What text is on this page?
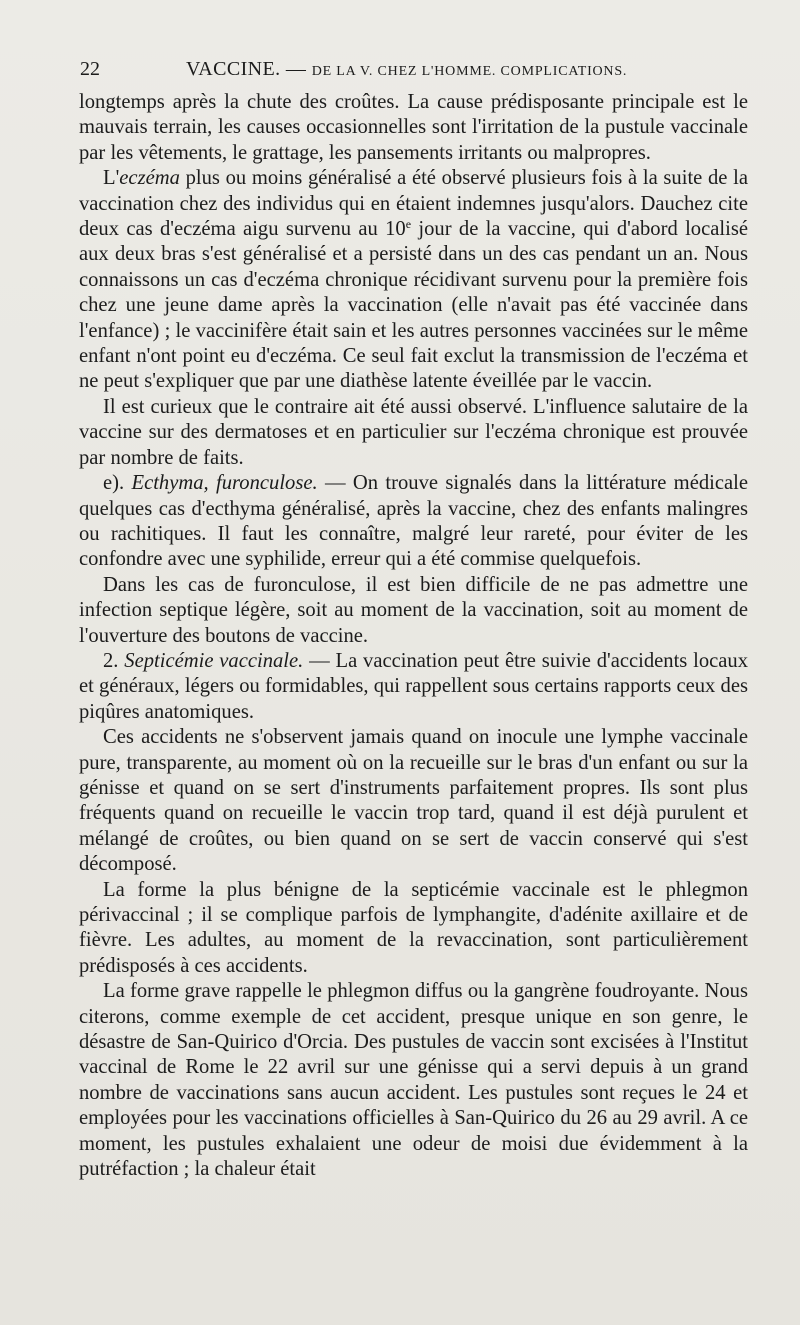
22	VACCINE. — DE LA V. CHEZ L'HOMME. COMPLICATIONS.

longtemps après la chute des croûtes. La cause prédisposante principale est le mauvais terrain, les causes occasionnelles sont l'irritation de la pustule vaccinale par les vêtements, le grattage, les pansements irritants ou malpropres.

L'eczéma plus ou moins généralisé a été observé plusieurs fois à la suite de la vaccination chez des individus qui en étaient indemnes jusqu'alors. Dauchez cite deux cas d'eczéma aigu survenu au 10e jour de la vaccine, qui d'abord localisé aux deux bras s'est généralisé et a persisté dans un des cas pendant un an. Nous connaissons un cas d'eczéma chronique récidivant survenu pour la première fois chez une jeune dame après la vaccination (elle n'avait pas été vaccinée dans l'enfance) ; le vaccinifère était sain et les autres personnes vaccinées sur le même enfant n'ont point eu d'eczéma. Ce seul fait exclut la transmission de l'eczéma et ne peut s'expliquer que par une diathèse latente éveillée par le vaccin.

Il est curieux que le contraire ait été aussi observé. L'influence salutaire de la vaccine sur des dermatoses et en particulier sur l'eczéma chronique est prouvée par nombre de faits.

e). Ecthyma, furonculose. — On trouve signalés dans la littérature médicale quelques cas d'ecthyma généralisé, après la vaccine, chez des enfants malingres ou rachitiques. Il faut les connaître, malgré leur rareté, pour éviter de les confondre avec une syphilide, erreur qui a été commise quelquefois.

Dans les cas de furonculose, il est bien difficile de ne pas admettre une infection septique légère, soit au moment de la vaccination, soit au moment de l'ouverture des boutons de vaccine.

2. Septicémie vaccinale. — La vaccination peut être suivie d'accidents locaux et généraux, légers ou formidables, qui rappellent sous certains rapports ceux des piqûres anatomiques.

Ces accidents ne s'observent jamais quand on inocule une lymphe vaccinale pure, transparente, au moment où on la recueille sur le bras d'un enfant ou sur la génisse et quand on se sert d'instruments parfaitement propres. Ils sont plus fréquents quand on recueille le vaccin trop tard, quand il est déjà purulent et mélangé de croûtes, ou bien quand on se sert de vaccin conservé qui s'est décomposé.

La forme la plus bénigne de la septicémie vaccinale est le phlegmon périvaccinal ; il se complique parfois de lymphangite, d'adénite axillaire et de fièvre. Les adultes, au moment de la revaccination, sont particulièrement prédisposés à ces accidents.

La forme grave rappelle le phlegmon diffus ou la gangrène foudroyante. Nous citerons, comme exemple de cet accident, presque unique en son genre, le désastre de San-Quirico d'Orcia. Des pustules de vaccin sont excisées à l'Institut vaccinal de Rome le 22 avril sur une génisse qui a servi depuis à un grand nombre de vaccinations sans aucun accident. Les pustules sont reçues le 24 et employées pour les vaccinations officielles à San-Quirico du 26 au 29 avril. A ce moment, les pustules exhalaient une odeur de moisi due évidemment à la putréfaction ; la chaleur était
